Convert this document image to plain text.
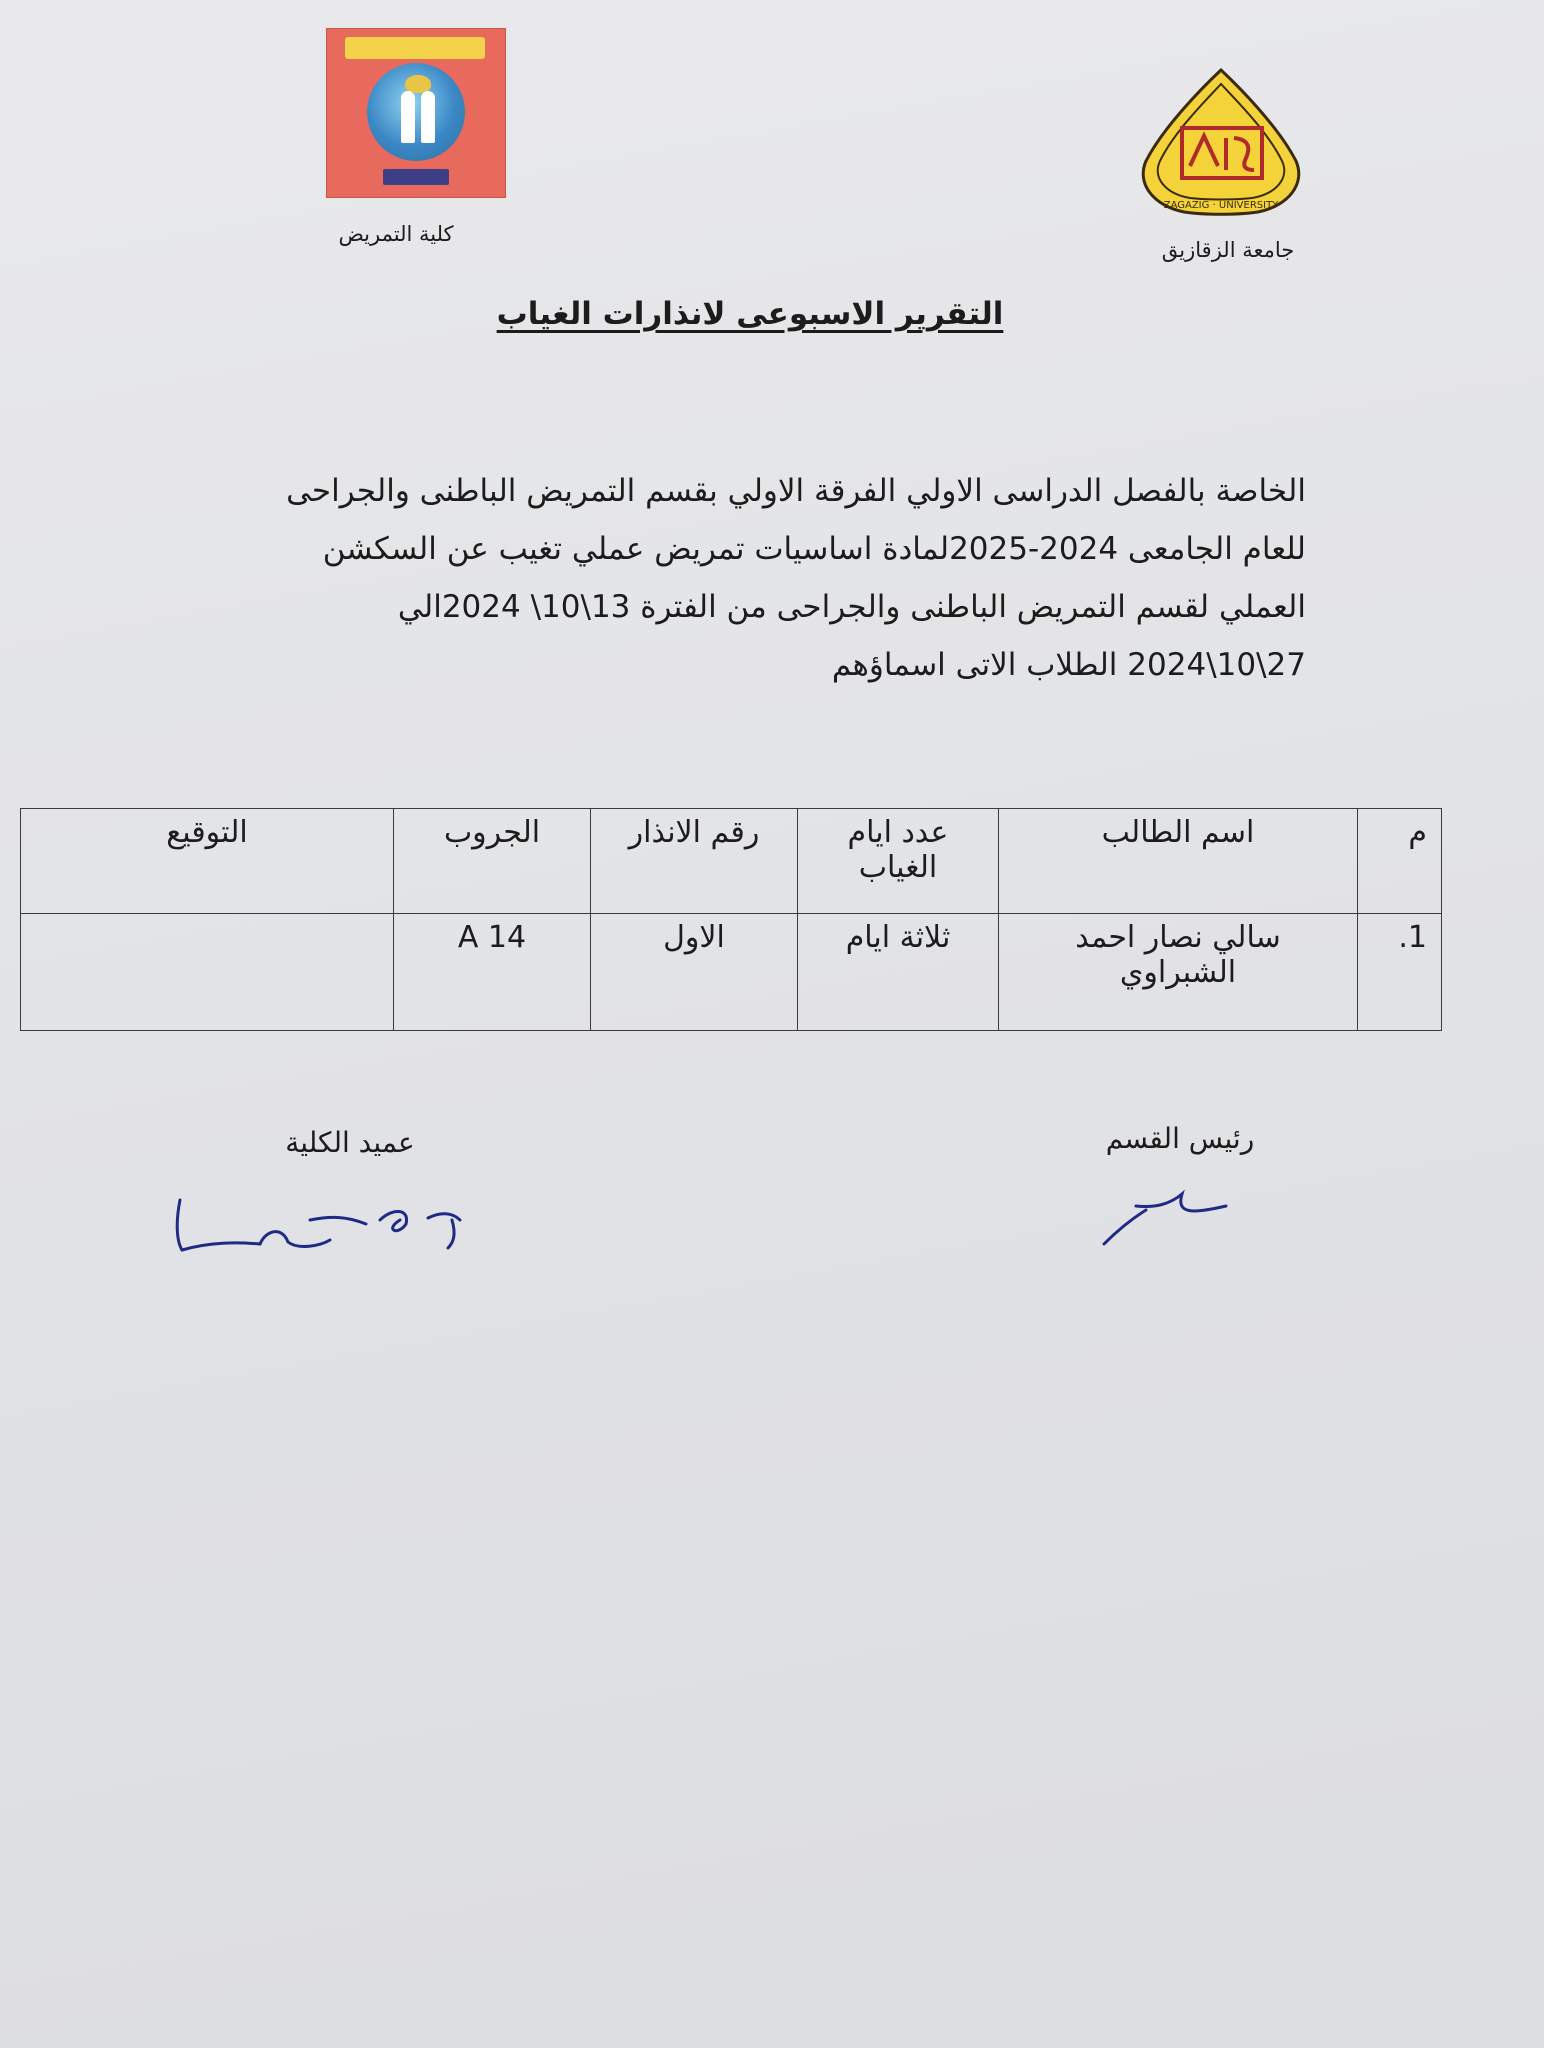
ZAGAZIG · UNIVERSITY
كلية التمريض
جامعة الزقازيق
التقرير الاسبوعى لانذارات الغياب
الخاصة بالفصل الدراسى الاولي الفرقة الاولي بقسم التمريض الباطنى والجراحى
للعام الجامعى 2024-2025لمادة اساسيات تمريض عملي تغيب عن السكشن
العملي لقسم التمريض الباطنى والجراحى من الفترة 13\10\ 2024الي
27\10\2024 الطلاب الاتى اسماؤهم
م	اسم الطالب	عدد ايام الغياب	رقم الانذار	الجروب	التوقيع
1.	سالي نصار احمد الشبراوي	ثلاثة ايام	الاول	A 14	
رئيس القسم
عميد الكلية
